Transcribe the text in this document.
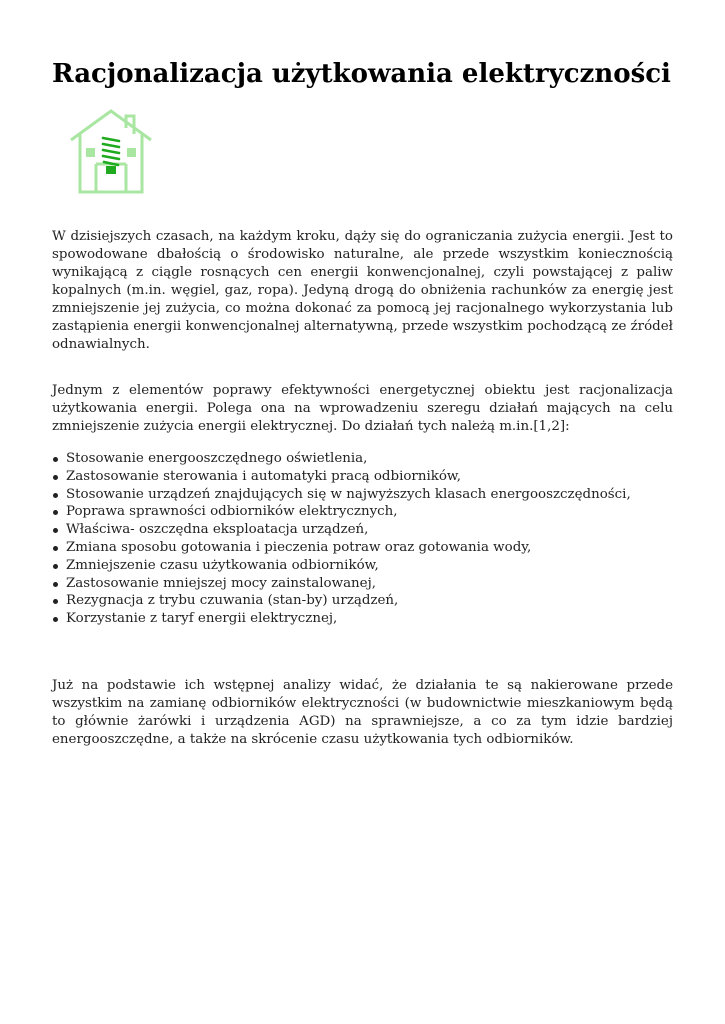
Racjonalizacja użytkowania elektryczności

W dzisiejszych czasach, na każdym kroku, dąży się do ograniczania zużycia energii. Jest to spowodowane dbałością o środowisko naturalne, ale przede wszystkim koniecznością wynikającą z ciągle rosnących cen energii konwencjonalnej, czyli powstającej z paliw kopalnych (m.in. węgiel, gaz, ropa). Jedyną drogą do obniżenia rachunków za energię jest zmniejszenie jej zużycia, co można dokonać za pomocą jej racjonalnego wykorzystania lub zastąpienia energii konwencjonalnej alternatywną, przede wszystkim pochodzącą ze źródeł odnawialnych.

Jednym z elementów poprawy efektywności energetycznej obiektu jest racjonalizacja użytkowania energii. Polega ona na wprowadzeniu szeregu działań mających na celu zmniejszenie zużycia energii elektrycznej. Do działań tych należą m.in.[1,2]:

Stosowanie energooszczędnego oświetlenia,
Zastosowanie sterowania i automatyki pracą odbiorników,
Stosowanie urządzeń znajdujących się w najwyższych klasach energooszczędności,
Poprawa sprawności odbiorników elektrycznych,
Właściwa- oszczędna eksploatacja urządzeń,
Zmiana sposobu gotowania i pieczenia potraw oraz gotowania wody,
Zmniejszenie czasu użytkowania odbiorników,
Zastosowanie mniejszej mocy zainstalowanej,
Rezygnacja z trybu czuwania (stan-by) urządzeń,
Korzystanie z taryf energii elektrycznej,

Już na podstawie ich wstępnej analizy widać, że działania te są nakierowane przede wszystkim na zamianę odbiorników elektryczności (w budownictwie mieszkaniowym będą to głównie żarówki i urządzenia AGD) na sprawniejsze, a co za tym idzie bardziej energooszczędne, a także na skrócenie czasu użytkowania tych odbiorników.
